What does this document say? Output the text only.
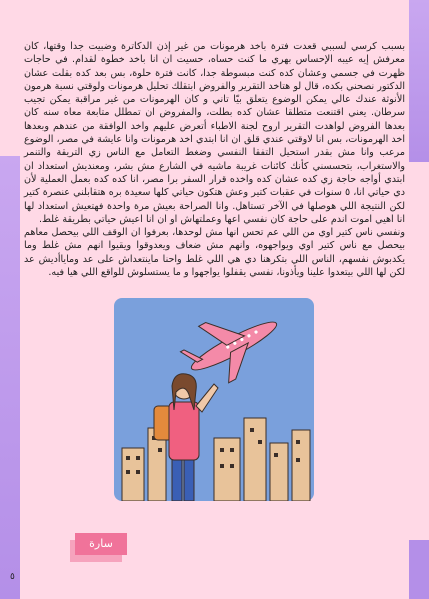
بسبب كرسي لسببي قعدت فترة باخد هرمونات من غير إذن الدكاترة وضبيت جدا وقتها، كان معرفش إيه عيبه الإحساس بهري ما كنت حساه، حسيت ان انا باخد خطوة لقدام. في حاجات ظهرت في جسمي وعشان كده كنت مبسوطة جدا، كانت فترة حلوة، بس بعد كده بقلت عشان الدكتور نصحني بكده، قال لو هتاخد التقرير والفروض ابتقلك تحليل هرمونات ولوقتي نسبة هرمون الأنوثة عندك عالي يمكن الوضوع يتعلق بيّا تاني و كان الهرمونات من غير مراقبة يمكن تجيب سرطان. يعني اقتنعت متطلقا عشان كده بطلت، والمفروض ان تمطلل متابعة معاه سنه كان بعدها الفروض لواهدت التقرير اروح لجنة الاطباء أتعرض عليهم واخد الوافقة من عندهم وبعدها اخد الهرمونات، بس انا لاوقتي عندي قلق ان انا ابتدي اخد هرمونات وانا عايشة في مصر، الوضوع مرعب وانا مش بقدر استحيل التفقا النفسي وضغط التعامل مع الناس زي التريقة والتنمر والاستغراب، بتحسسني كأنك كائنات غريبة ماشيه في الشارع مش بشر، ومعنديش استعداد ان ابتدي أواجه حاجة زي كده عشان كده واخده قرار السفر برا مصر، انا كده كده بعمل العملية لأن دي حياتي انا، ٥ سنوات في عقبات كتير وعش هتكون حياتي كلها سعيدة بره هتقابلني عنصرة كتير لكن النتيجة اللي هوصلها في الآخر تستاهل. وانا الصراحة بعيش مرة واحدة فهتعيش استعداد لها انا اهيي اموت اندم على حاجة كان نفسي اعها وعملتهاش او ان انا اعيش حياتي بطريقة غلط.

ونفسي ناس كتير اوي من اللي عم تحس انها مش لوحدها، بعرفوا ان الوقف اللي بيحصل معاهم بيحصل مع ناس كتير اوي ويواجهوه، وانهم مش ضعاف ويعدوقوا ويقيوا انهم مش غلط وما يكدبوش نفسهم، الناس اللي بتكرهنا دي هي اللي غلط واحنا ماينتعداش على عد وماياأديش عد لكن لها اللي بيتعدوا علينا ويأذونا، نفسي يقفلوا يواجهوا و ما يستسلوش للواقع اللي هيا فيه.

سارة
٥
